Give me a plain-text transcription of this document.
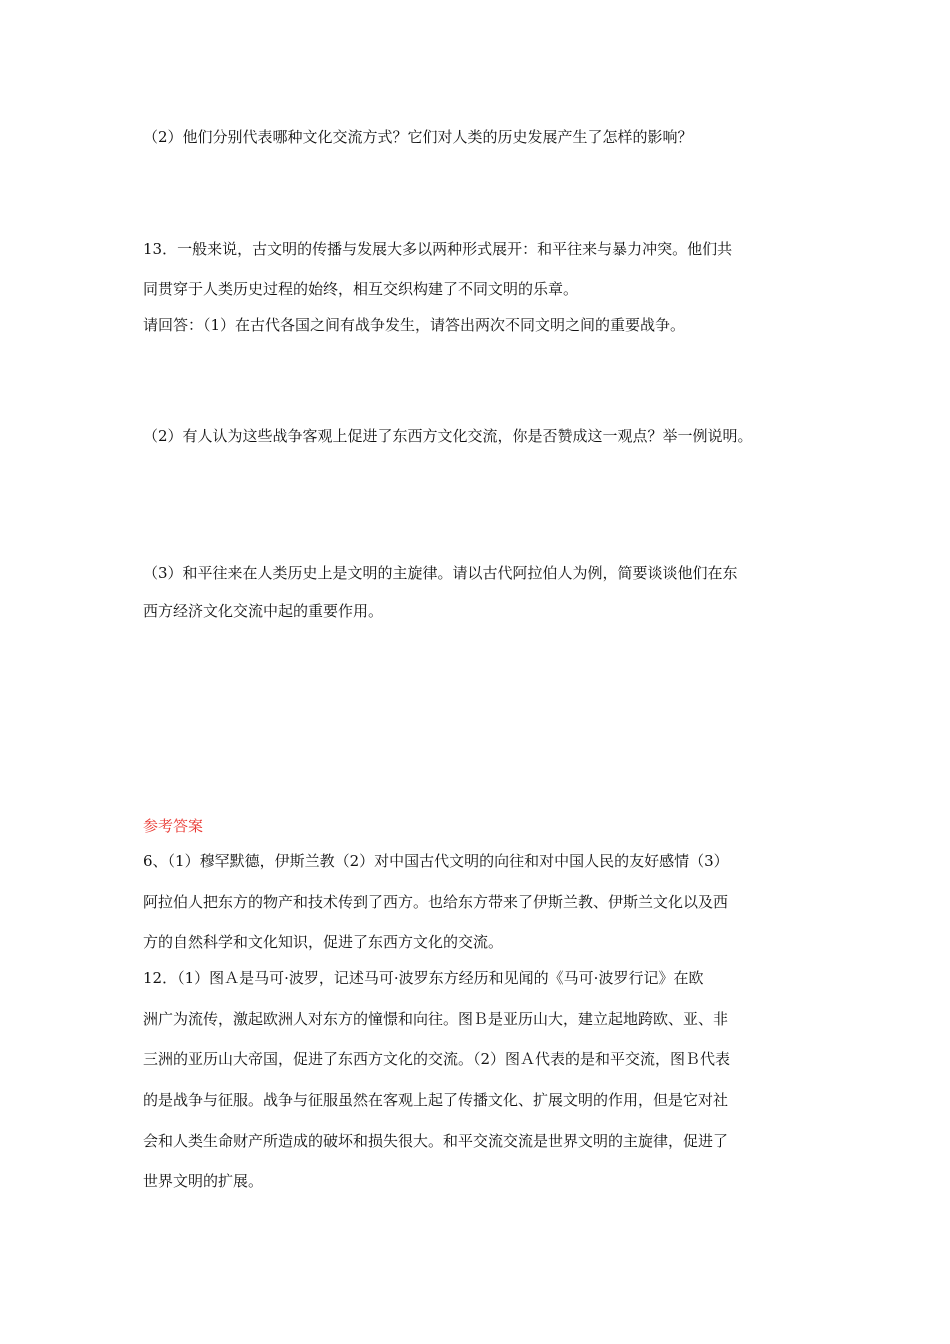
（2）他们分别代表哪种文化交流方式？它们对人类的历史发展产生了怎样的影响？
13．一般来说，古文明的传播与发展大多以两种形式展开：和平往来与暴力冲突。他们共
同贯穿于人类历史过程的始终，相互交织构建了不同文明的乐章。
请回答：（1）在古代各国之间有战争发生，请答出两次不同文明之间的重要战争。
（2）有人认为这些战争客观上促进了东西方文化交流，你是否赞成这一观点？举一例说明。
（3）和平往来在人类历史上是文明的主旋律。请以古代阿拉伯人为例，简要谈谈他们在东
西方经济文化交流中起的重要作用。
参考答案
6、（1）穆罕默德，伊斯兰教（2）对中国古代文明的向往和对中国人民的友好感情（3）
阿拉伯人把东方的物产和技术传到了西方。也给东方带来了伊斯兰教、伊斯兰文化以及西
方的自然科学和文化知识，促进了东西方文化的交流。
12．（1）图Ａ是马可·波罗，记述马可·波罗东方经历和见闻的《马可·波罗行记》在欧
洲广为流传，激起欧洲人对东方的憧憬和向往。图Ｂ是亚历山大，建立起地跨欧、亚、非
三洲的亚历山大帝国，促进了东西方文化的交流。（2）图Ａ代表的是和平交流，图Ｂ代表
的是战争与征服。战争与征服虽然在客观上起了传播文化、扩展文明的作用，但是它对社
会和人类生命财产所造成的破坏和损失很大。和平交流交流是世界文明的主旋律，促进了
世界文明的扩展。
